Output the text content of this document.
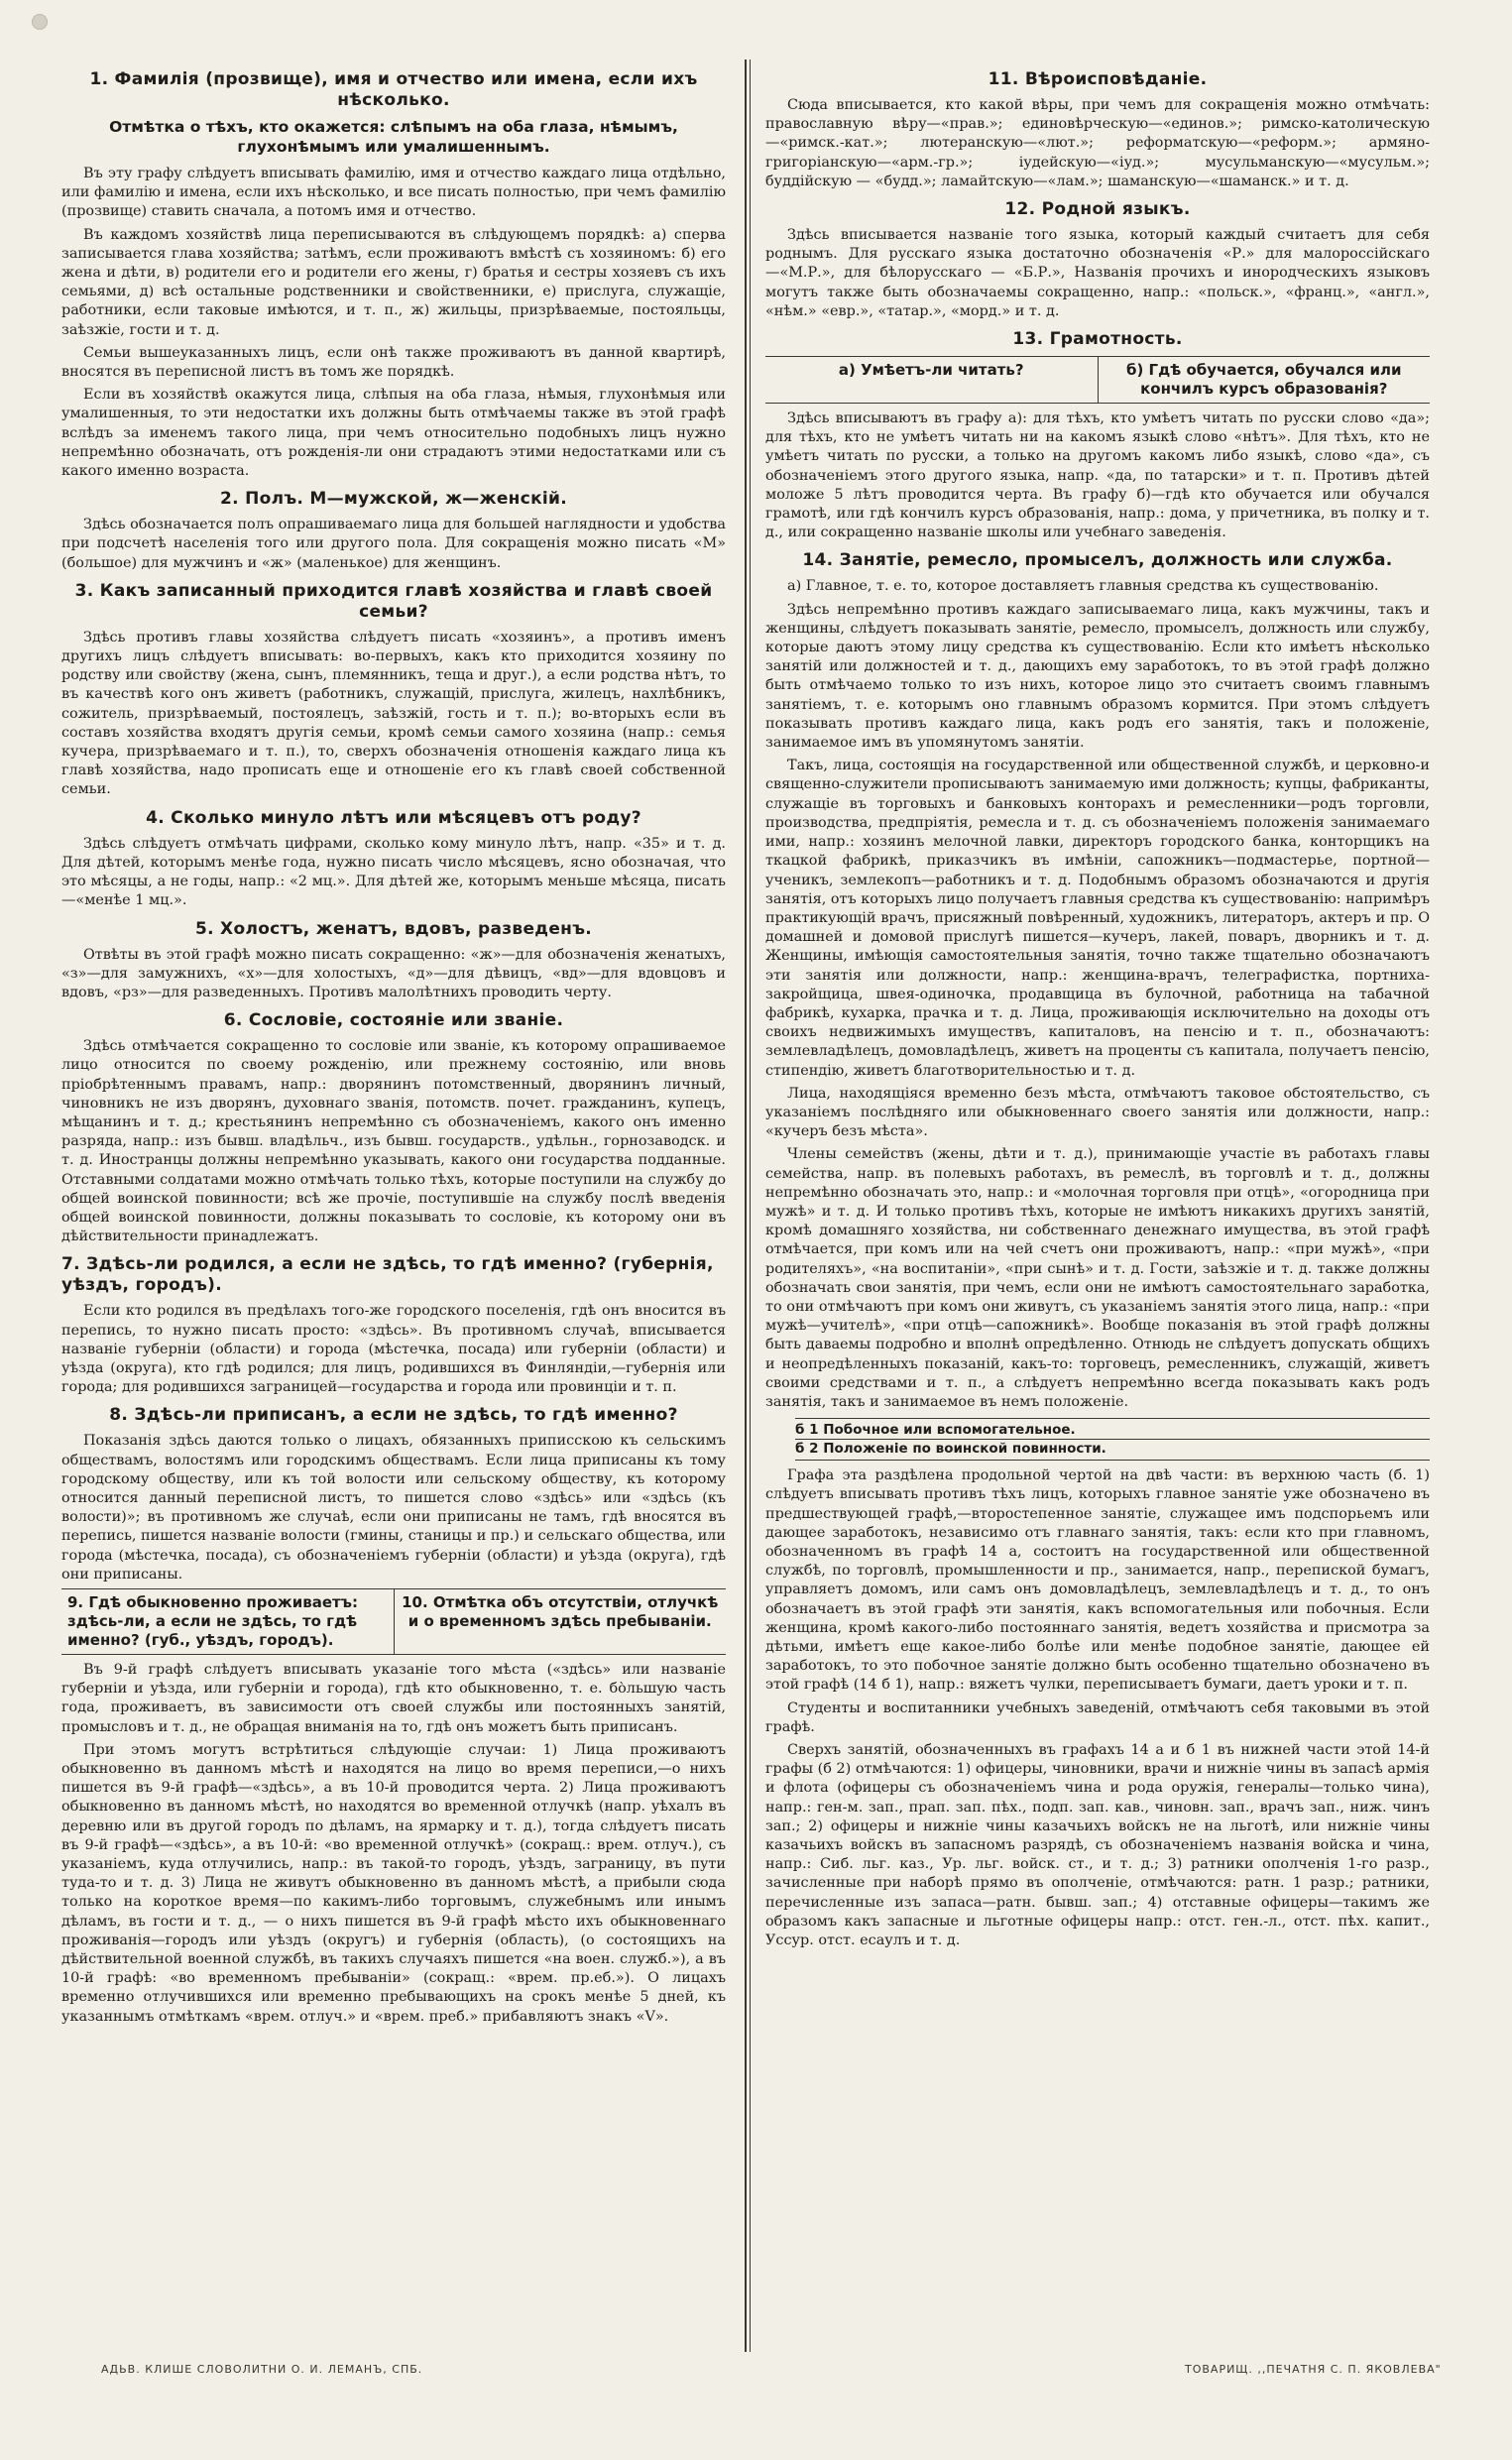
1. Фамилія (прозвище), имя и отчество или имена, если ихъ нѣсколько.
Отмѣтка о тѣхъ, кто окажется: слѣпымъ на оба глаза, нѣмымъ, глухонѣмымъ или умалишеннымъ.

Въ эту графу слѣдуетъ вписывать фамилію, имя и отчество каждаго лица отдѣльно, или фамилію и имена, если ихъ нѣсколько, и все писать полностью, при чемъ фамилію (прозвище) ставить сначала, а потомъ имя и отчество.

Въ каждомъ хозяйствѣ лица переписываются въ слѣдующемъ порядкѣ: а) сперва записывается глава хозяйства; затѣмъ, если проживаютъ вмѣстѣ съ хозяиномъ: б) его жена и дѣти, в) родители его и родители его жены, г) братья и сестры хозяевъ съ ихъ семьями, д) всѣ остальные родственники и свойственники, е) прислуга, служащіе, работники, если таковые имѣются, и т. п., ж) жильцы, призрѣваемые, постояльцы, заѣзжіе, гости и т. д.

Семьи вышеуказанныхъ лицъ, если онѣ также проживаютъ въ данной квартирѣ, вносятся въ переписной листъ въ томъ же порядкѣ.

Если въ хозяйствѣ окажутся лица, слѣпыя на оба глаза, нѣмыя, глухонѣмыя или умалишенныя, то эти недостатки ихъ должны быть отмѣчаемы также въ этой графѣ вслѣдъ за именемъ такого лица, при чемъ относительно подобныхъ лицъ нужно непремѣнно обозначать, отъ рожденія-ли они страдаютъ этими недостатками или съ какого именно возраста.

2. Полъ. М—мужской, ж—женскій.

Здѣсь обозначается полъ опрашиваемаго лица для большей наглядности и удобства при подсчетѣ населенія того или другого пола. Для сокращенія можно писать «М» (большое) для мужчинъ и «ж» (маленькое) для женщинъ.

3. Какъ записанный приходится главѣ хозяйства и главѣ своей семьи?

Здѣсь противъ главы хозяйства слѣдуетъ писать «хозяинъ», а противъ именъ другихъ лицъ слѣдуетъ вписывать: во-первыхъ, какъ кто приходится хозяину по родству или свойству (жена, сынъ, племянникъ, теща и друг.), а если родства нѣтъ, то въ качествѣ кого онъ живетъ (работникъ, служащій, прислуга, жилецъ, нахлѣбникъ, сожитель, призрѣваемый, постоялецъ, заѣзжій, гость и т. п.); во-вторыхъ если въ составъ хозяйства входятъ другія семьи, кромѣ семьи самого хозяина (напр.: семья кучера, призрѣваемаго и т. п.), то, сверхъ обозначенія отношенія каждаго лица къ главѣ хозяйства, надо прописать еще и отношеніе его къ главѣ своей собственной семьи.

4. Сколько минуло лѣтъ или мѣсяцевъ отъ роду?

Здѣсь слѣдуетъ отмѣчать цифрами, сколько кому минуло лѣтъ, напр. «35» и т. д. Для дѣтей, которымъ менѣе года, нужно писать число мѣсяцевъ, ясно обозначая, что это мѣсяцы, а не годы, напр.: «2 мц.». Для дѣтей же, которымъ меньше мѣсяца, писать—«менѣе 1 мц.».

5. Холостъ, женатъ, вдовъ, разведенъ.

Отвѣты въ этой графѣ можно писать сокращенно: «ж»—для обозначенія женатыхъ, «з»—для замужнихъ, «х»—для холостыхъ, «д»—для дѣвицъ, «вд»—для вдовцовъ и вдовъ, «рз»—для разведенныхъ. Противъ малолѣтнихъ проводить черту.

6. Сословіе, состояніе или званіе.

Здѣсь отмѣчается сокращенно то сословіе или званіе, къ которому опрашиваемое лицо относится по своему рожденію, или прежнему состоянію, или вновь пріобрѣтеннымъ правамъ, напр.: дворянинъ потомственный, дворянинъ личный, чиновникъ не изъ дворянъ, духовнаго званія, потомств. почет. гражданинъ, купецъ, мѣщанинъ и т. д.; крестьянинъ непремѣнно съ обозначеніемъ, какого онъ именно разряда, напр.: изъ бывш. владѣльч., изъ бывш. государств., удѣльн., горнозаводск. и т. д. Иностранцы должны непремѣнно указывать, какого они государства подданные. Отставными солдатами можно отмѣчать только тѣхъ, которые поступили на службу до общей воинской повинности; всѣ же прочіе, поступившіе на службу послѣ введенія общей воинской повинности, должны показывать то сословіе, къ которому они въ дѣйствительности принадлежатъ.

7. Здѣсь-ли родился, а если не здѣсь, то гдѣ именно? (губернія, уѣздъ, городъ).

Если кто родился въ предѣлахъ того-же городского поселенія, гдѣ онъ вносится въ перепись, то нужно писать просто: «здѣсь». Въ противномъ случаѣ, вписывается названіе губерніи (области) и города (мѣстечка, посада) или губерніи (области) и уѣзда (округа), кто гдѣ родился; для лицъ, родившихся въ Финляндіи,—губернія или города; для родившихся заграницей—государства и города или провинціи и т. п.

8. Здѣсь-ли приписанъ, а если не здѣсь, то гдѣ именно?

Показанія здѣсь даются только о лицахъ, обязанныхъ приписскою къ сельскимъ обществамъ, волостямъ или городскимъ обществамъ. Если лица приписаны къ тому городскому обществу, или къ той волости или сельскому обществу, къ которому относится данный переписной листъ, то пишется слово «здѣсь» или «здѣсь (къ волости)»; въ противномъ же случаѣ, если они приписаны не тамъ, гдѣ вносятся въ перепись, пишется названіе волости (гмины, станицы и пр.) и сельскаго общества, или города (мѣстечка, посада), съ обозначеніемъ губерніи (области) и уѣзда (округа), гдѣ они приписаны.

9. Гдѣ обыкновенно проживаетъ: здѣсь-ли, а если не здѣсь, то гдѣ именно? (губ., уѣздъ, городъ).
10. Отмѣтка объ отсутствіи, отлучкѣ и о временномъ здѣсь пребываніи.

Въ 9-й графѣ слѣдуетъ вписывать указаніе того мѣста («здѣсь» или названіе губерніи и уѣзда, или губерніи и города), гдѣ кто обыкновенно, т. е. бо̀льшую часть года, проживаетъ, въ зависимости отъ своей службы или постоянныхъ занятій, промысловъ и т. д., не обращая вниманія на то, гдѣ онъ можетъ быть приписанъ.

При этомъ могутъ встрѣтиться слѣдующіе случаи: 1) Лица проживаютъ обыкновенно въ данномъ мѣстѣ и находятся на лицо во время переписи,—о нихъ пишется въ 9-й графѣ—«здѣсь», а въ 10-й проводится черта. 2) Лица проживаютъ обыкновенно въ данномъ мѣстѣ, но находятся во временной отлучкѣ (напр. уѣхалъ въ деревню или въ другой городъ по дѣламъ, на ярмарку и т. д.), тогда слѣдуетъ писать въ 9-й графѣ—«здѣсь», а въ 10-й: «во временной отлучкѣ» (сокращ.: врем. отлуч.), съ указаніемъ, куда отлучились, напр.: въ такой-то городъ, уѣздъ, заграницу, въ пути туда-то и т. д. 3) Лица не живутъ обыкновенно въ данномъ мѣстѣ, а прибыли сюда только на короткое время—по какимъ-либо торговымъ, служебнымъ или инымъ дѣламъ, въ гости и т. д., — о нихъ пишется въ 9-й графѣ мѣсто ихъ обыкновеннаго проживанія—городъ или уѣздъ (округъ) и губернія (область), (о состоящихъ на дѣйствительной военной службѣ, въ такихъ случаяхъ пишется «на воен. служб.»), а въ 10-й графѣ: «во временномъ пребываніи» (сокращ.: «врем. пр.еб.»). О лицахъ временно отлучившихся или временно пребывающихъ на срокъ менѣе 5 дней, къ указаннымъ отмѣткамъ «врем. отлуч.» и «врем. преб.» прибавляютъ знакъ «V».

11. Вѣроисповѣданіе.

Сюда вписывается, кто какой вѣры, при чемъ для сокращенія можно отмѣчать: православную вѣру—«прав.»; единовѣрческую—«единов.»; римско-католическую—«римск.-кат.»; лютеранскую—«лют.»; реформатскую—«реформ.»; армяно-григоріанскую—«арм.-гр.»; іудейскую—«іуд.»; мусульманскую—«мусульм.»; буддійскую — «будд.»; ламайтскую—«лам.»; шаманскую—«шаманск.» и т. д.

12. Родной языкъ.

Здѣсь вписывается названіе того языка, который каждый считаетъ для себя роднымъ. Для русскаго языка достаточно обозначенія «Р.» для малороссійскаго—«М.Р.», для бѣлорусскаго — «Б.Р.», Названія прочихъ и инородческихъ языковъ могутъ также быть обозначаемы сокращенно, напр.: «польск.», «франц.», «англ.», «нѣм.» «евр.», «татар.», «морд.» и т. д.

13. Грамотность.
а) Умѣетъ-ли читать?	б) Гдѣ обучается, обучался или кончилъ курсъ образованія?

Здѣсь вписываютъ въ графу а): для тѣхъ, кто умѣетъ читать по русски слово «да»; для тѣхъ, кто не умѣетъ читать ни на какомъ языкѣ слово «нѣтъ». Для тѣхъ, кто не умѣетъ читать по русски, а только на другомъ какомъ либо языкѣ, слово «да», съ обозначеніемъ этого другого языка, напр. «да, по татарски» и т. п. Противъ дѣтей моложе 5 лѣтъ проводится черта. Въ графу б)—гдѣ кто обучается или обучался грамотѣ, или гдѣ кончилъ курсъ образованія, напр.: дома, у причетника, въ полку и т. д., или сокращенно названіе школы или учебнаго заведенія.

14. Занятіе, ремесло, промыселъ, должность или служба.

а) Главное, т. е. то, которое доставляетъ главныя средства къ существованію.

Здѣсь непремѣнно противъ каждаго записываемаго лица, какъ мужчины, такъ и женщины, слѣдуетъ показывать занятіе, ремесло, промыселъ, должность или службу, которые даютъ этому лицу средства къ существованію. Если кто имѣетъ нѣсколько занятій или должностей и т. д., дающихъ ему заработокъ, то въ этой графѣ должно быть отмѣчаемо только то изъ нихъ, которое лицо это считаетъ своимъ главнымъ занятіемъ, т. е. которымъ оно главнымъ образомъ кормится. При этомъ слѣдуетъ показывать противъ каждаго лица, какъ родъ его занятія, такъ и положеніе, занимаемое имъ въ упомянутомъ занятіи.

Такъ, лица, состоящія на государственной или общественной службѣ, и церковно-и священно-служители прописываютъ занимаемую ими должность; купцы, фабриканты, служащіе въ торговыхъ и банковыхъ конторахъ и ремесленники—родъ торговли, производства, предпріятія, ремесла и т. д. съ обозначеніемъ положенія занимаемаго ими, напр.: хозяинъ мелочной лавки, директоръ городского банка, конторщикъ на ткацкой фабрикѣ, приказчикъ въ имѣніи, сапожникъ—подмастерье, портной—ученикъ, землекопъ—работникъ и т. д. Подобнымъ образомъ обозначаются и другія занятія, отъ которыхъ лицо получаетъ главныя средства къ существованію: напримѣръ практикующій врачъ, присяжный повѣренный, художникъ, литераторъ, актеръ и пр. О домашней и домовой прислугѣ пишется—кучеръ, лакей, поваръ, дворникъ и т. д. Женщины, имѣющія самостоятельныя занятія, точно также тщательно обозначаютъ эти занятія или должности, напр.: женщина-врачъ, телеграфистка, портниха-закройщица, швея-одиночка, продавщица въ булочной, работница на табачной фабрикѣ, кухарка, прачка и т. д. Лица, проживающія исключительно на доходы отъ своихъ недвижимыхъ имуществъ, капиталовъ, на пенсію и т. п., обозначаютъ: землевладѣлецъ, домовладѣлецъ, живетъ на проценты съ капитала, получаетъ пенсію, стипендію, живетъ благотворительностью и т. д.

Лица, находящіяся временно безъ мѣста, отмѣчаютъ таковое обстоятельство, съ указаніемъ послѣдняго или обыкновеннаго своего занятія или должности, напр.: «кучеръ безъ мѣста».

Члены семействъ (жены, дѣти и т. д.), принимающіе участіе въ работахъ главы семейства, напр. въ полевыхъ работахъ, въ ремеслѣ, въ торговлѣ и т. д., должны непремѣнно обозначать это, напр.: и «молочная торговля при отцѣ», «огородница при мужѣ» и т. д. И только противъ тѣхъ, которые не имѣютъ никакихъ другихъ занятій, кромѣ домашняго хозяйства, ни собственнаго денежнаго имущества, въ этой графѣ отмѣчается, при комъ или на чей счетъ они проживаютъ, напр.: «при мужѣ», «при родителяхъ», «на воспитаніи», «при сынѣ» и т. д. Гости, заѣзжіе и т. д. также должны обозначать свои занятія, при чемъ, если они не имѣютъ самостоятельнаго заработка, то они отмѣчаютъ при комъ они живутъ, съ указаніемъ занятія этого лица, напр.: «при мужѣ—учителѣ», «при отцѣ—сапожникѣ». Вообще показанія въ этой графѣ должны быть даваемы подробно и вполнѣ опредѣленно. Отнюдь не слѣдуетъ допускать общихъ и неопредѣленныхъ показаній, какъ-то: торговецъ, ремесленникъ, служащій, живетъ своими средствами и т. п., а слѣдуетъ непремѣнно всегда показывать какъ родъ занятія, такъ и занимаемое въ немъ положеніе.

б 1 Побочное или вспомогательное.
б 2 Положеніе по воинской повинности.

Графа эта раздѣлена продольной чертой на двѣ части: въ верхнюю часть (б. 1) слѣдуетъ вписывать противъ тѣхъ лицъ, которыхъ главное занятіе уже обозначено въ предшествующей графѣ,—второстепенное занятіе, служащее имъ подспорьемъ или дающее заработокъ, независимо отъ главнаго занятія, такъ: если кто при главномъ, обозначенномъ въ графѣ 14 а, состоитъ на государственной или общественной службѣ, по торговлѣ, промышленности и пр., занимается, напр., перепиской бумагъ, управляетъ домомъ, или самъ онъ домовладѣлецъ, землевладѣлецъ и т. д., то онъ обозначаетъ въ этой графѣ эти занятія, какъ вспомогательныя или побочныя. Если женщина, кромѣ какого-либо постояннаго занятія, ведетъ хозяйства и присмотра за дѣтьми, имѣетъ еще какое-либо болѣе или менѣе подобное занятіе, дающее ей заработокъ, то это побочное занятіе должно быть особенно тщательно обозначено въ этой графѣ (14 б 1), напр.: вяжетъ чулки, переписываетъ бумаги, даетъ уроки и т. п.

Студенты и воспитанники учебныхъ заведеній, отмѣчаютъ себя таковыми въ этой графѣ.

Сверхъ занятій, обозначенныхъ въ графахъ 14 а и б 1 въ нижней части этой 14-й графы (б 2) отмѣчаются: 1) офицеры, чиновники, врачи и нижніе чины въ запасѣ армія и флота (офицеры съ обозначеніемъ чина и рода оружія, генералы—только чина), напр.: ген-м. зап., прап. зап. пѣх., подп. зап. кав., чиновн. зап., врачъ зап., ниж. чинъ зап.; 2) офицеры и нижніе чины казачьихъ войскъ не на льготѣ, или нижніе чины казачьихъ войскъ въ запасномъ разрядѣ, съ обозначеніемъ названія войска и чина, напр.: Сиб. льг. каз., Ур. льг. войск. ст., и т. д.; 3) ратники ополченія 1-го разр., зачисленные при наборѣ прямо въ ополченіе, отмѣчаются: ратн. 1 разр.; ратники, перечисленные изъ запаса—ратн. бывш. зап.; 4) отставные офицеры—такимъ же образомъ какъ запасные и льготные офицеры напр.: отст. ген.-л., отст. пѣх. капит., Уссур. отст. есаулъ и т. д.

АДЬВ. КЛИШЕ СЛОВОЛИТНИ О. И. ЛЕМАНЪ, СПБ.	ТОВАРИЩ. ,,ПЕЧАТНЯ С. П. ЯКОВЛЕВА"
